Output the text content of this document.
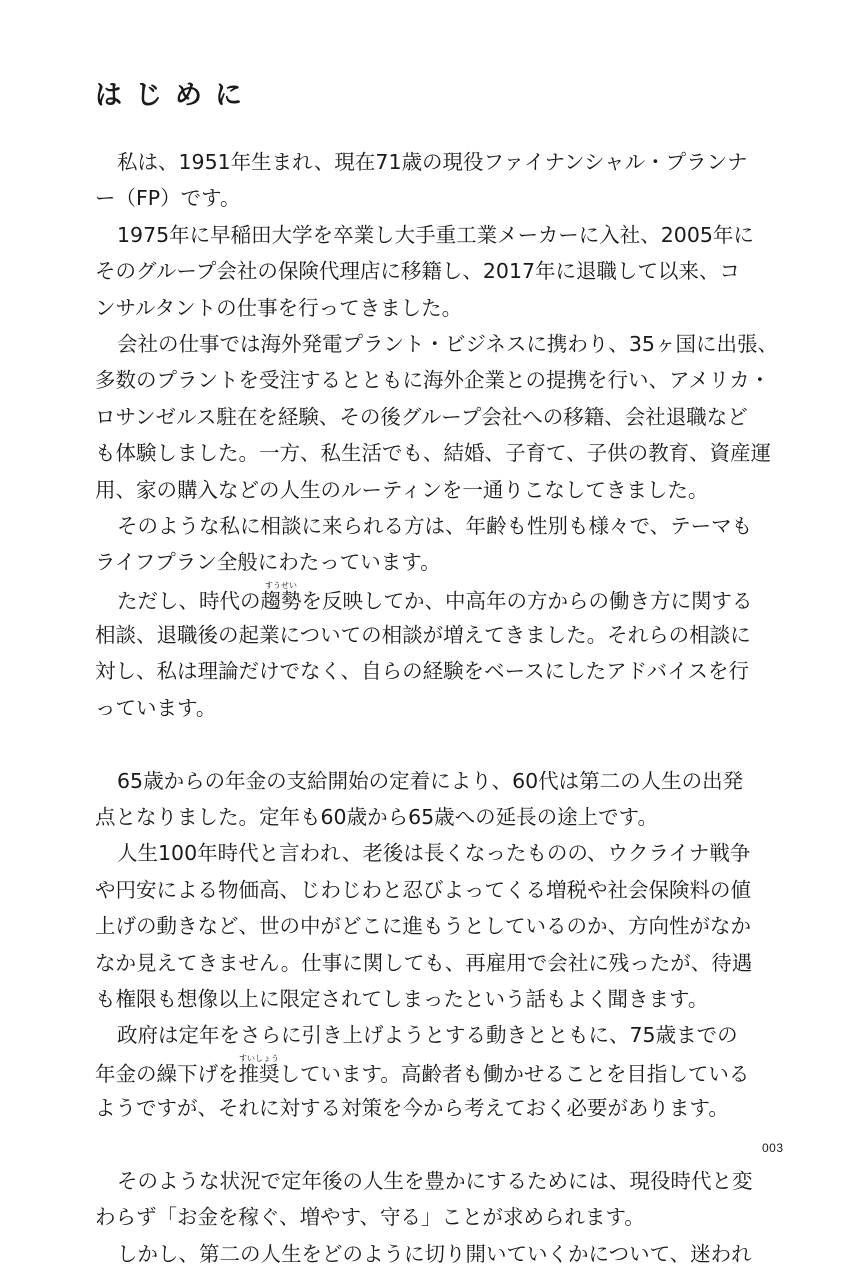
はじめに
私は、1951年生まれ、現在71歳の現役ファイナンシャル・プランナ
ー（FP）です。
1975年に早稲田大学を卒業し大手重工業メーカーに入社、2005年に
そのグループ会社の保険代理店に移籍し、2017年に退職して以来、コ
ンサルタントの仕事を行ってきました。
会社の仕事では海外発電プラント・ビジネスに携わり、35ヶ国に出張、
多数のプラントを受注するとともに海外企業との提携を行い、アメリカ・
ロサンゼルス駐在を経験、その後グループ会社への移籍、会社退職など
も体験しました。一方、私生活でも、結婚、子育て、子供の教育、資産運
用、家の購入などの人生のルーティンを一通りこなしてきました。
そのような私に相談に来られる方は、年齢も性別も様々で、テーマも
ライフプラン全般にわたっています。
ただし、時代の趨勢すうせいを反映してか、中高年の方からの働き方に関する
相談、退職後の起業についての相談が増えてきました。それらの相談に
対し、私は理論だけでなく、自らの経験をベースにしたアドバイスを行
っています。
65歳からの年金の支給開始の定着により、60代は第二の人生の出発
点となりました。定年も60歳から65歳への延長の途上です。
人生100年時代と言われ、老後は長くなったものの、ウクライナ戦争
や円安による物価高、じわじわと忍びよってくる増税や社会保険料の値
上げの動きなど、世の中がどこに進もうとしているのか、方向性がなか
なか見えてきません。仕事に関しても、再雇用で会社に残ったが、待遇
も権限も想像以上に限定されてしまったという話もよく聞きます。
政府は定年をさらに引き上げようとする動きとともに、75歳までの
年金の繰下げを推奨すいしょうしています。高齢者も働かせることを目指している
ようですが、それに対する対策を今から考えておく必要があります。
そのような状況で定年後の人生を豊かにするためには、現役時代と変
わらず「お金を稼ぐ、増やす、守る」ことが求められます。
しかし、第二の人生をどのように切り開いていくかについて、迷われ
003
